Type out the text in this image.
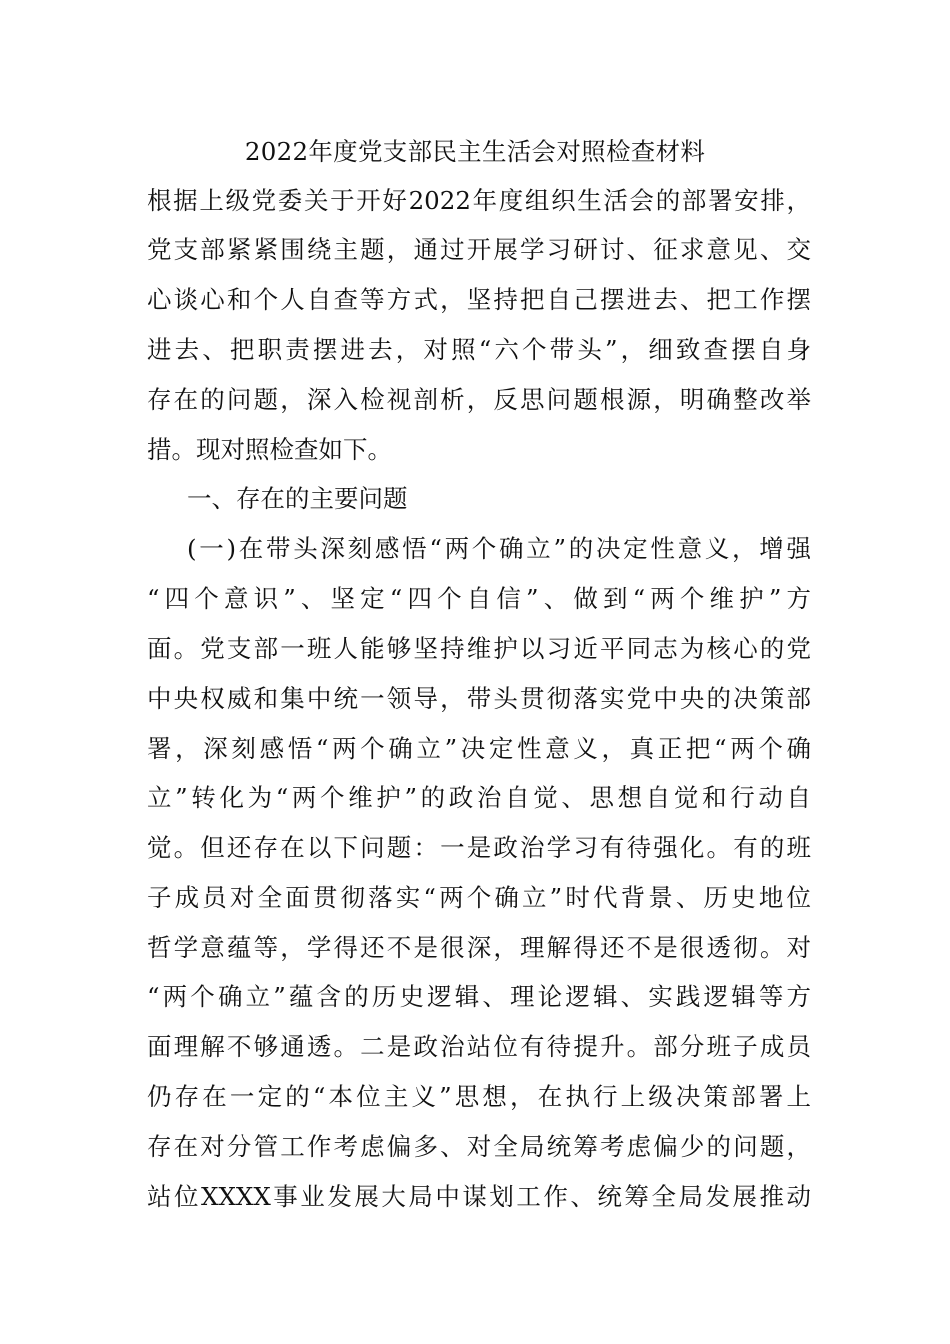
2022年度党支部民主生活会对照检查材料
根据上级党委关于开好2022年度组织生活会的部署安排，
党支部紧紧围绕主题，通过开展学习研讨、征求意见、交
心谈心和个人自查等方式，坚持把自己摆进去、把工作摆
进去、把职责摆进去，对照“六个带头”，细致查摆自身
存在的问题，深入检视剖析，反思问题根源，明确整改举
措。现对照检查如下。
一、存在的主要问题
(一)在带头深刻感悟“两个确立”的决定性意义，增强
“四个意识”、坚定“四个自信”、做到“两个维护”方
面。党支部一班人能够坚持维护以习近平同志为核心的党
中央权威和集中统一领导，带头贯彻落实党中央的决策部
署，深刻感悟“两个确立”决定性意义，真正把“两个确
立”转化为“两个维护”的政治自觉、思想自觉和行动自
觉。但还存在以下问题：一是政治学习有待强化。有的班
子成员对全面贯彻落实“两个确立”时代背景、历史地位
哲学意蕴等，学得还不是很深，理解得还不是很透彻。对
“两个确立”蕴含的历史逻辑、理论逻辑、实践逻辑等方
面理解不够通透。二是政治站位有待提升。部分班子成员
仍存在一定的“本位主义”思想，在执行上级决策部署上
存在对分管工作考虑偏多、对全局统筹考虑偏少的问题，
站位XXXX事业发展大局中谋划工作、统筹全局发展推动
